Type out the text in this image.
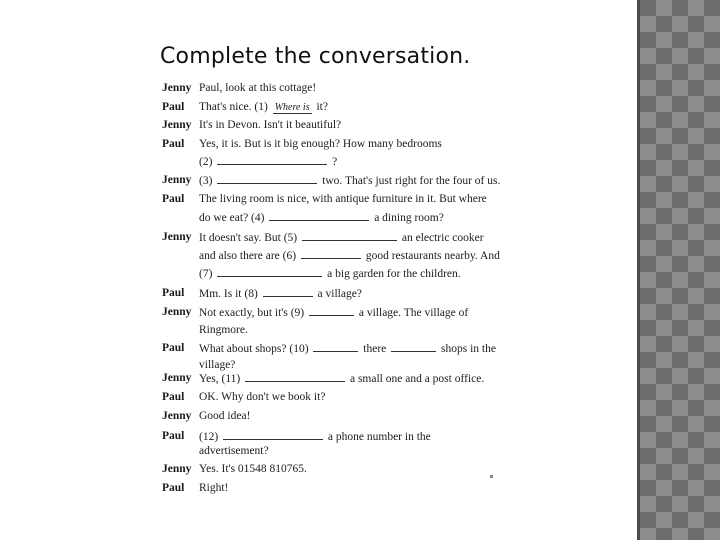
Complete the conversation.
Jenny Paul, look at this cottage!
Paul	That's nice. (1) Where is it?
Jenny It's in Devon. Isn't it beautiful?
Paul	Yes, it is. But is it big enough? How many bedrooms
(2)	?
Jenny (3)	two. That's just right for the four of us.
Paul	The living room is nice, with antique furniture in it. But where
do we eat? (4)	a dining room?
Jenny It doesn't say. But (5)	an electric cooker
and also there are (6)	good restaurants nearby. And
(7)	a big garden for the children.
Paul	Mm. Is it (8)	a village?
Jenny Not exactly, but it's (9)	a village. The village of
Ringmore.
Paul	What about shops? (10)	there	shops in the
village?
Jenny Yes, (11)	a small one and a post office.
Paul	OK. Why don't we book it?
Jenny Good idea!
Paul	(12)	a phone number in the
advertisement?
Jenny Yes. It's 01548 810765.
Paul	Right!
